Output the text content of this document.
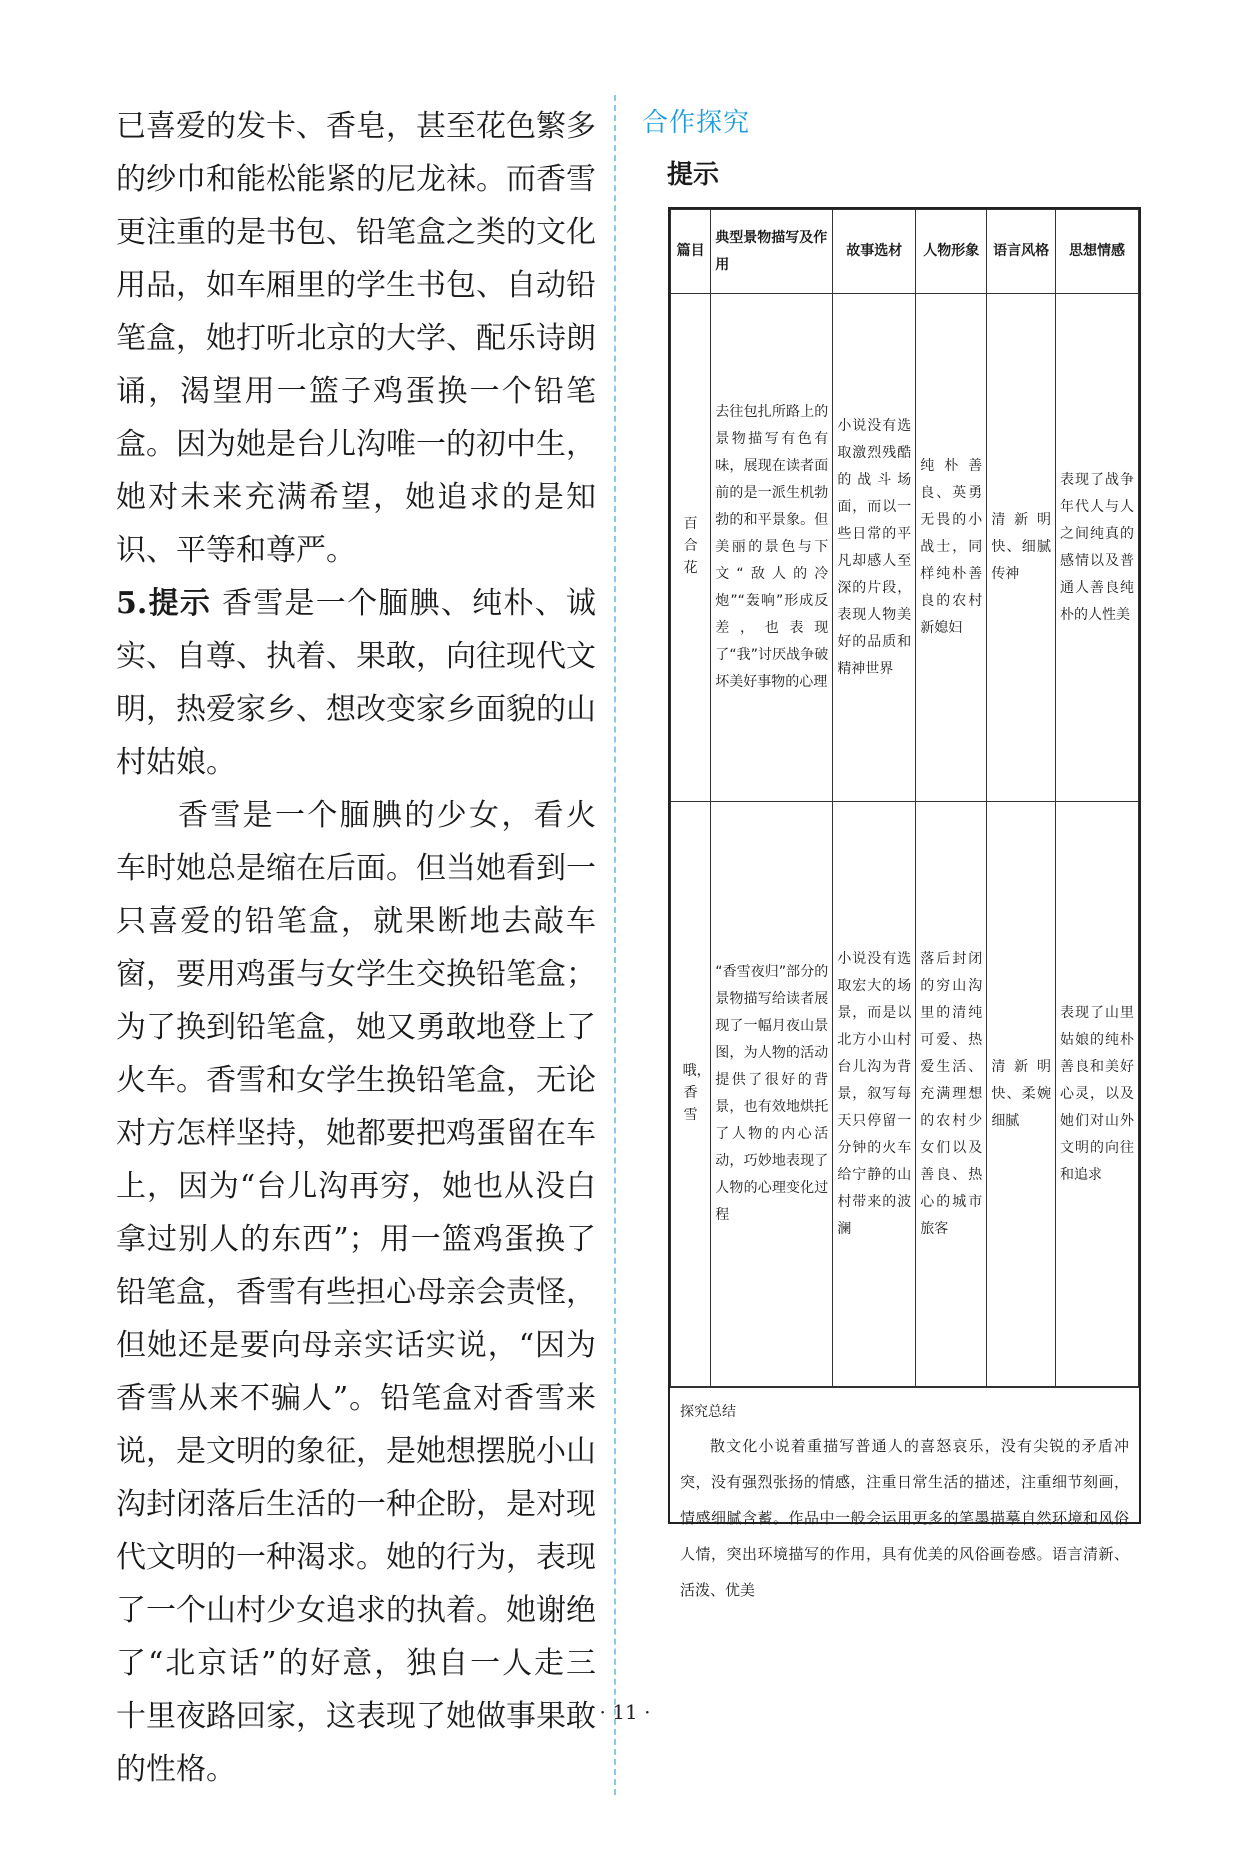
已喜爱的发卡、香皂，甚至花色繁多的纱巾和能松能紧的尼龙袜。而香雪更注重的是书包、铅笔盒之类的文化用品，如车厢里的学生书包、自动铅笔盒，她打听北京的大学、配乐诗朗诵，渴望用一篮子鸡蛋换一个铅笔盒。因为她是台儿沟唯一的初中生，她对未来充满希望，她追求的是知识、平等和尊严。

5.提示 香雪是一个腼腆、纯朴、诚实、自尊、执着、果敢，向往现代文明，热爱家乡、想改变家乡面貌的山村姑娘。

香雪是一个腼腆的少女，看火车时她总是缩在后面。但当她看到一只喜爱的铅笔盒，就果断地去敲车窗，要用鸡蛋与女学生交换铅笔盒；为了换到铅笔盒，她又勇敢地登上了火车。香雪和女学生换铅笔盒，无论对方怎样坚持，她都要把鸡蛋留在车上，因为“台儿沟再穷，她也从没白拿过别人的东西”；用一篮鸡蛋换了铅笔盒，香雪有些担心母亲会责怪，但她还是要向母亲实话实说，“因为香雪从来不骗人”。铅笔盒对香雪来说，是文明的象征，是她想摆脱小山沟封闭落后生活的一种企盼，是对现代文明的一种渴求。她的行为，表现了一个山村少女追求的执着。她谢绝了“北京话”的好意，独自一人走三十里夜路回家，这表现了她做事果敢的性格。

合作探究
提示
篇目	典型景物描写及作用	故事选材	人物形象	语言风格	思想情感
百合花	去往包扎所路上的景物描写有色有味，展现在读者面前的是一派生机勃勃的和平景象。但美丽的景色与下文“敌人的冷炮”“轰响”形成反差，也表现了“我”讨厌战争破坏美好事物的心理	小说没有选取激烈残酷的战斗场面，而以一些日常的平凡却感人至深的片段，表现人物美好的品质和精神世界	纯朴善良、英勇无畏的小战士，同样纯朴善良的农村新媳妇	清新明快、细腻传神	表现了战争年代人与人之间纯真的感情以及普通人善良纯朴的人性美
哦，香雪	“香雪夜归”部分的景物描写给读者展现了一幅月夜山景图，为人物的活动提供了很好的背景，也有效地烘托了人物的内心活动，巧妙地表现了人物的心理变化过程	小说没有选取宏大的场景，而是以北方小山村台儿沟为背景，叙写每天只停留一分钟的火车给宁静的山村带来的波澜	落后封闭的穷山沟里的清纯可爱、热爱生活、充满理想的农村少女们以及善良、热心的城市旅客	清新明快、柔婉细腻	表现了山里姑娘的纯朴善良和美好心灵，以及她们对山外文明的向往和追求
探究总结
散文化小说着重描写普通人的喜怒哀乐，没有尖锐的矛盾冲突，没有强烈张扬的情感，注重日常生活的描述，注重细节刻画，情感细腻含蓄。作品中一般会运用更多的笔墨描摹自然环境和风俗人情，突出环境描写的作用，具有优美的风俗画卷感。语言清新、活泼、优美
· 11 ·
